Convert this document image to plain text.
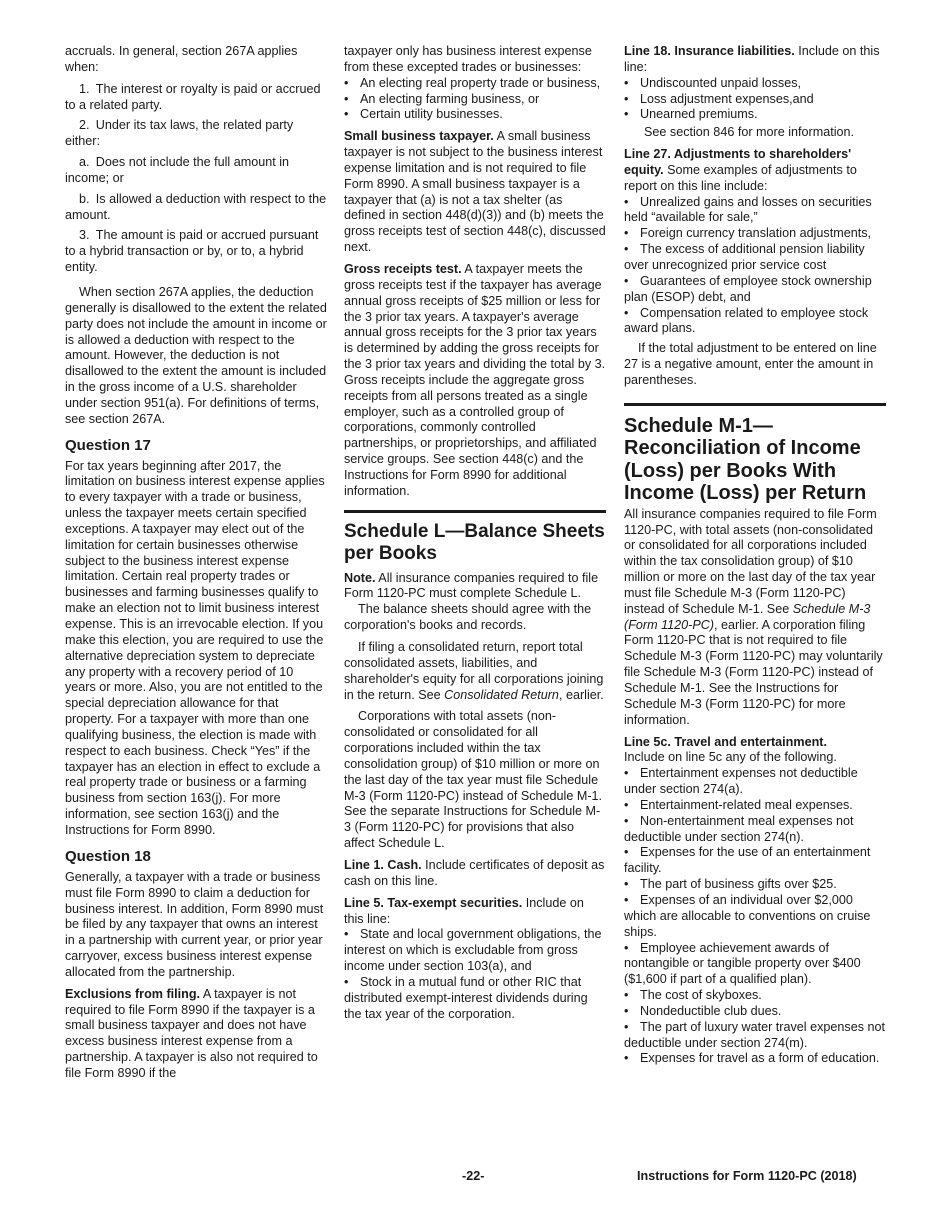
accruals. In general, section 267A applies when:

1. The interest or royalty is paid or accrued to a related party.

2. Under its tax laws, the related party either:

a. Does not include the full amount in income; or

b. Is allowed a deduction with respect to the amount.

3. The amount is paid or accrued pursuant to a hybrid transaction or by, or to, a hybrid entity.

When section 267A applies, the deduction generally is disallowed to the extent the related party does not include the amount in income or is allowed a deduction with respect to the amount. However, the deduction is not disallowed to the extent the amount is included in the gross income of a U.S. shareholder under section 951(a). For definitions of terms, see section 267A.

Question 17

For tax years beginning after 2017, the limitation on business interest expense applies to every taxpayer with a trade or business, unless the taxpayer meets certain specified exceptions. A taxpayer may elect out of the limitation for certain businesses otherwise subject to the business interest expense limitation. Certain real property trades or businesses and farming businesses qualify to make an election not to limit business interest expense. This is an irrevocable election. If you make this election, you are required to use the alternative depreciation system to depreciate any property with a recovery period of 10 years or more. Also, you are not entitled to the special depreciation allowance for that property. For a taxpayer with more than one qualifying business, the election is made with respect to each business. Check “Yes” if the taxpayer has an election in effect to exclude a real property trade or business or a farming business from section 163(j). For more information, see section 163(j) and the Instructions for Form 8990.

Question 18

Generally, a taxpayer with a trade or business must file Form 8990 to claim a deduction for business interest. In addition, Form 8990 must be filed by any taxpayer that owns an interest in a partnership with current year, or prior year carryover, excess business interest expense allocated from the partnership.

Exclusions from filing. A taxpayer is not required to file Form 8990 if the taxpayer is a small business taxpayer and does not have excess business interest expense from a partnership. A taxpayer is also not required to file Form 8990 if the

taxpayer only has business interest expense from these excepted trades or businesses:

• An electing real property trade or business,

• An electing farming business, or

• Certain utility businesses.

Small business taxpayer. A small business taxpayer is not subject to the business interest expense limitation and is not required to file Form 8990. A small business taxpayer is a taxpayer that (a) is not a tax shelter (as defined in section 448(d)(3)) and (b) meets the gross receipts test of section 448(c), discussed next.

Gross receipts test. A taxpayer meets the gross receipts test if the taxpayer has average annual gross receipts of $25 million or less for the 3 prior tax years. A taxpayer's average annual gross receipts for the 3 prior tax years is determined by adding the gross receipts for the 3 prior tax years and dividing the total by 3. Gross receipts include the aggregate gross receipts from all persons treated as a single employer, such as a controlled group of corporations, commonly controlled partnerships, or proprietorships, and affiliated service groups. See section 448(c) and the Instructions for Form 8990 for additional information.

Schedule L—Balance Sheets per Books

Note. All insurance companies required to file Form 1120-PC must complete Schedule L.

The balance sheets should agree with the corporation's books and records.

If filing a consolidated return, report total consolidated assets, liabilities, and shareholder's equity for all corporations joining in the return. See Consolidated Return, earlier.

Corporations with total assets (non-consolidated or consolidated for all corporations included within the tax consolidation group) of $10 million or more on the last day of the tax year must file Schedule M-3 (Form 1120-PC) instead of Schedule M-1. See the separate Instructions for Schedule M-3 (Form 1120-PC) for provisions that also affect Schedule L.

Line 1. Cash. Include certificates of deposit as cash on this line.

Line 5. Tax-exempt securities. Include on this line:

• State and local government obligations, the interest on which is excludable from gross income under section 103(a), and

• Stock in a mutual fund or other RIC that distributed exempt-interest dividends during the tax year of the corporation.

Line 18. Insurance liabilities. Include on this line:

• Undiscounted unpaid losses,

• Loss adjustment expenses,and

• Unearned premiums.

See section 846 for more information.

Line 27. Adjustments to shareholders' equity. Some examples of adjustments to report on this line include:

• Unrealized gains and losses on securities held “available for sale,”

• Foreign currency translation adjustments,

• The excess of additional pension liability over unrecognized prior service cost

• Guarantees of employee stock ownership plan (ESOP) debt, and

• Compensation related to employee stock award plans.

If the total adjustment to be entered on line 27 is a negative amount, enter the amount in parentheses.

Schedule M-1—Reconciliation of Income (Loss) per Books With Income (Loss) per Return

All insurance companies required to file Form 1120-PC, with total assets (non-consolidated or consolidated for all corporations included within the tax consolidation group) of $10 million or more on the last day of the tax year must file Schedule M-3 (Form 1120-PC) instead of Schedule M-1. See Schedule M-3 (Form 1120-PC), earlier. A corporation filing Form 1120-PC that is not required to file Schedule M-3 (Form 1120-PC) may voluntarily file Schedule M-3 (Form 1120-PC) instead of Schedule M-1. See the Instructions for Schedule M-3 (Form 1120-PC) for more information.

Line 5c. Travel and entertainment.

Include on line 5c any of the following.

• Entertainment expenses not deductible under section 274(a).

• Entertainment-related meal expenses.

• Non-entertainment meal expenses not deductible under section 274(n).

• Expenses for the use of an entertainment facility.

• The part of business gifts over $25.

• Expenses of an individual over $2,000 which are allocable to conventions on cruise ships.

• Employee achievement awards of nontangible or tangible property over $400 ($1,600 if part of a qualified plan).

• The cost of skyboxes.

• Nondeductible club dues.

• The part of luxury water travel expenses not deductible under section 274(m).

• Expenses for travel as a form of education.

-22-	Instructions for Form 1120-PC (2018)
